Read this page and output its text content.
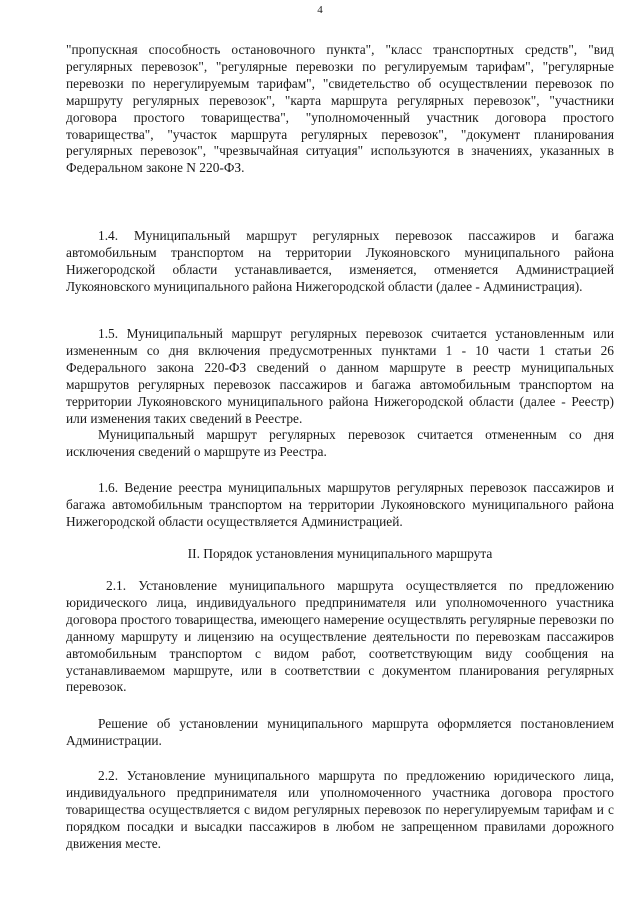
4

"пропускная способность остановочного пункта", "класс транспортных средств", "вид регулярных перевозок", "регулярные перевозки по регулируемым тарифам", "регулярные перевозки по нерегулируемым тарифам", "свидетельство об осуществлении перевозок по маршруту регулярных перевозок", "карта маршрута регулярных перевозок", "участники договора простого товарищества", "уполномоченный участник договора простого товарищества", "участок маршрута регулярных перевозок", "документ планирования регулярных перевозок", "чрезвычайная ситуация" используются в значениях, указанных в Федеральном законе N 220-ФЗ.

1.4. Муниципальный маршрут регулярных перевозок пассажиров и багажа автомобильным транспортом на территории Лукояновского муниципального района Нижегородской области устанавливается, изменяется, отменяется Администрацией Лукояновского муниципального района Нижегородской области (далее - Администрация).

1.5. Муниципальный маршрут регулярных перевозок считается установленным или измененным со дня включения предусмотренных пунктами 1 - 10 части 1 статьи 26 Федерального закона 220-ФЗ сведений о данном маршруте в реестр муниципальных маршрутов регулярных перевозок пассажиров и багажа автомобильным транспортом на территории Лукояновского муниципального района Нижегородской области (далее - Реестр) или изменения таких сведений в Реестре.

Муниципальный маршрут регулярных перевозок считается отмененным со дня исключения сведений о маршруте из Реестра.

1.6. Ведение реестра муниципальных маршрутов регулярных перевозок пассажиров и багажа автомобильным транспортом на территории Лукояновского муниципального района Нижегородской области осуществляется Администрацией.

II. Порядок установления муниципального маршрута

2.1. Установление муниципального маршрута осуществляется по предложению юридического лица, индивидуального предпринимателя или уполномоченного участника договора простого товарищества, имеющего намерение осуществлять регулярные перевозки по данному маршруту и лицензию на осуществление деятельности по перевозкам пассажиров автомобильным транспортом с видом работ, соответствующим виду сообщения на устанавливаемом маршруте, или в соответствии с документом планирования регулярных перевозок.

Решение об установлении муниципального маршрута оформляется постановлением Администрации.

2.2. Установление муниципального маршрута по предложению юридического лица, индивидуального предпринимателя или уполномоченного участника договора простого товарищества осуществляется с видом регулярных перевозок по нерегулируемым тарифам и с порядком посадки и высадки пассажиров в любом не запрещенном правилами дорожного движения месте.
